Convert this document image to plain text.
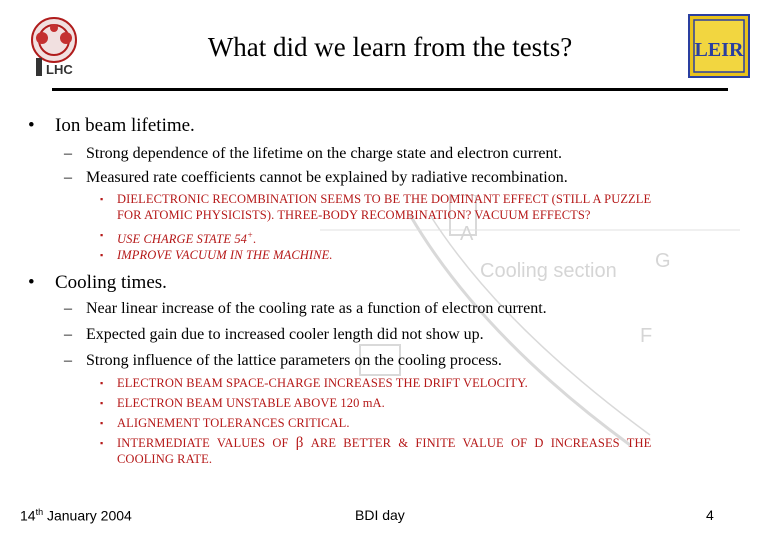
LHC
LEIR
What did we learn from the tests?
Cooling section
A
G
F
• Ion beam lifetime.
– Strong dependence of the lifetime on the charge state and electron current.
– Measured rate coefficients cannot be explained by radiative recombination.
▪ DIELECTRONIC RECOMBINATION SEEMS TO BE THE DOMINANT EFFECT (STILL A PUZZLE
FOR ATOMIC PHYSICISTS). THREE-BODY RECOMBINATION? VACUUM EFFECTS?
▪ USE CHARGE STATE 54+.
▪ IMPROVE VACUUM IN THE MACHINE.
• Cooling times.
– Near linear increase of the cooling rate as a function of electron current.
– Expected gain due to increased cooler length did not show up.
– Strong influence of the lattice parameters on the cooling process.
▪ ELECTRON BEAM SPACE-CHARGE INCREASES THE DRIFT VELOCITY.
▪ ELECTRON BEAM UNSTABLE ABOVE 120 mA.
▪ ALIGNEMENT TOLERANCES CRITICAL.
▪ INTERMEDIATE VALUES OF β ARE BETTER & FINITE VALUE OF D INCREASES THE
COOLING RATE.
14th January 2004	BDI day	4
